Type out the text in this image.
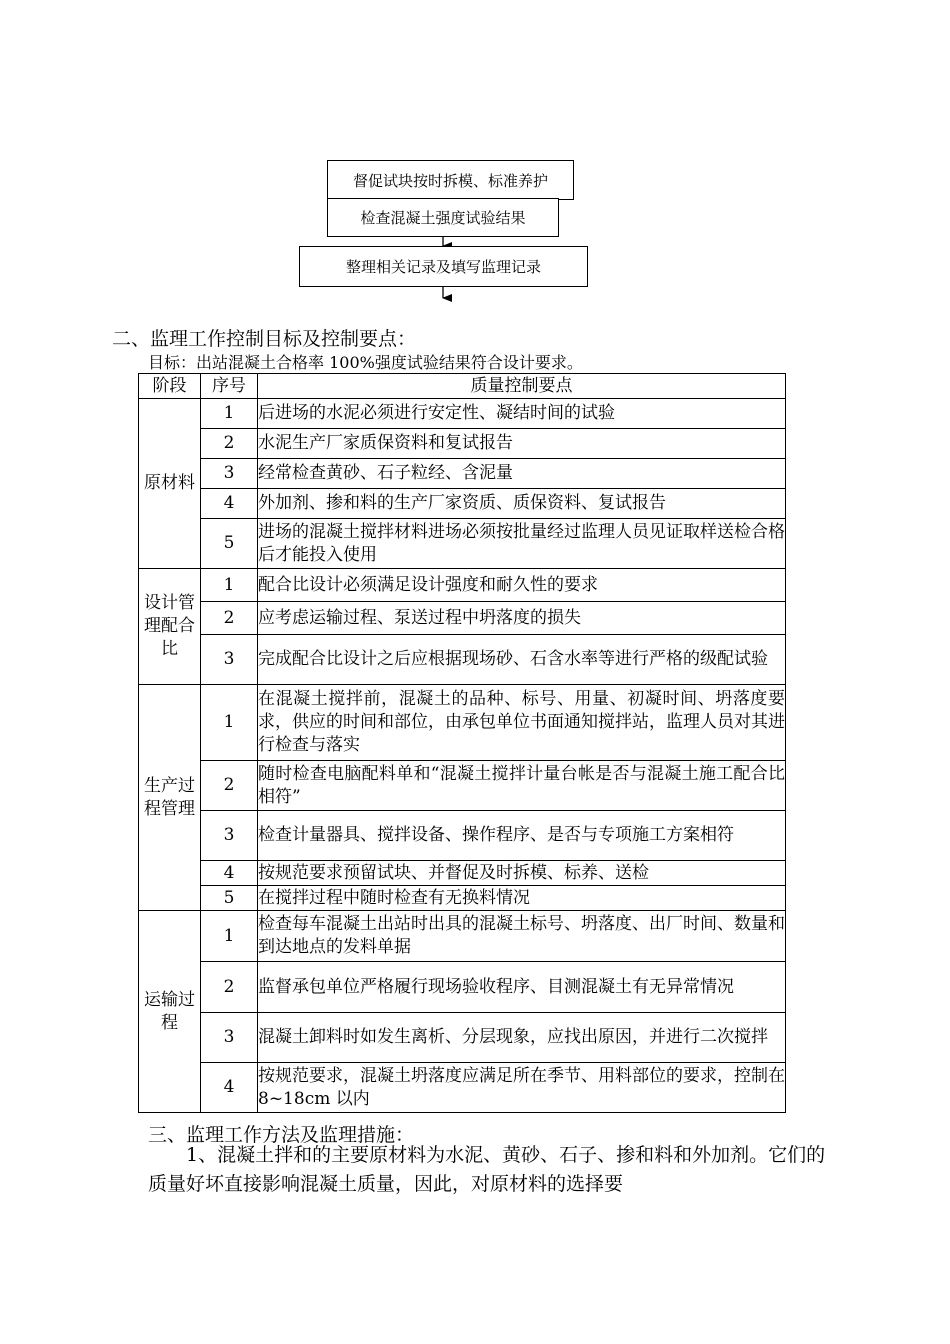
督促试块按时拆模、标准养护
检查混凝土强度试验结果
整理相关记录及填写监理记录
二、监理工作控制目标及控制要点：
目标：出站混凝土合格率 100%强度试验结果符合设计要求。
阶段	序号	质量控制要点
原材料	1	后进场的水泥必须进行安定性、凝结时间的试验
	2	水泥生产厂家质保资料和复试报告
	3	经常检查黄砂、石子粒经、含泥量
	4	外加剂、掺和料的生产厂家资质、质保资料、复试报告
	5	进场的混凝土搅拌材料进场必须按批量经过监理人员见证取样送检合格后才能投入使用
设计管理配合比	1	配合比设计必须满足设计强度和耐久性的要求
	2	应考虑运输过程、泵送过程中坍落度的损失
	3	完成配合比设计之后应根据现场砂、石含水率等进行严格的级配试验
生产过程管理	1	在混凝土搅拌前，混凝土的品种、标号、用量、初凝时间、坍落度要求，供应的时间和部位，由承包单位书面通知搅拌站，监理人员对其进行检查与落实
	2	随时检查电脑配料单和“混凝土搅拌计量台帐是否与混凝土施工配合比相符”
	3	检查计量器具、搅拌设备、操作程序、是否与专项施工方案相符
	4	按规范要求预留试块、并督促及时拆模、标养、送检
	5	在搅拌过程中随时检查有无换料情况
运输过程	1	检查每车混凝土出站时出具的混凝土标号、坍落度、出厂时间、数量和到达地点的发料单据
	2	监督承包单位严格履行现场验收程序、目测混凝土有无异常情况
	3	混凝土卸料时如发生离析、分层现象，应找出原因，并进行二次搅拌
	4	按规范要求，混凝土坍落度应满足所在季节、用料部位的要求，控制在 8~18cm 以内
三、监理工作方法及监理措施：
1、混凝土拌和的主要原材料为水泥、黄砂、石子、掺和料和外加剂。它们的质量好坏直接影响混凝土质量，因此，对原材料的选择要
